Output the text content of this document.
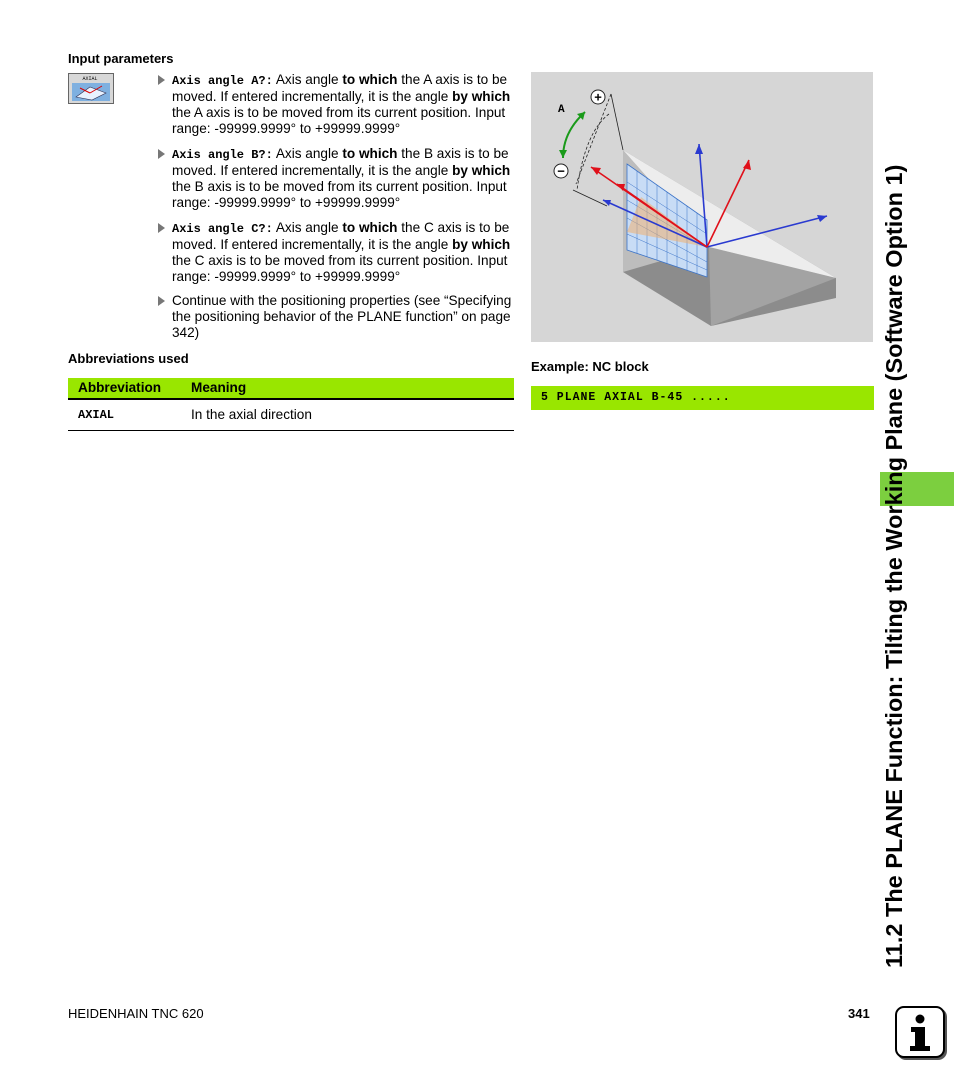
Input parameters
AXIAL	Axis angle A?: Axis angle to which the A axis is to be moved. If entered incrementally, it is the angle by which the A axis is to be moved from its current position. Input range: -99999.9999° to +99999.9999°
Axis angle B?: Axis angle to which the B axis is to be moved. If entered incrementally, it is the angle by which the B axis is to be moved from its current position. Input range: -99999.9999° to +99999.9999°
Axis angle C?: Axis angle to which the C axis is to be moved. If entered incrementally, it is the angle by which the C axis is to be moved from its current position. Input range: -99999.9999° to +99999.9999°
Continue with the positioning properties (see “Specifying the positioning behavior of the PLANE function” on page 342)
Abbreviations used
Abbreviation Meaning
AXIAL	In the axial direction
+
−
A
Example: NC block
5 PLANE AXIAL B-45 .....	11.2 The PLANE Function: Tilting the Working Plane (Software Option 1)
HEIDENHAIN TNC 620	341
